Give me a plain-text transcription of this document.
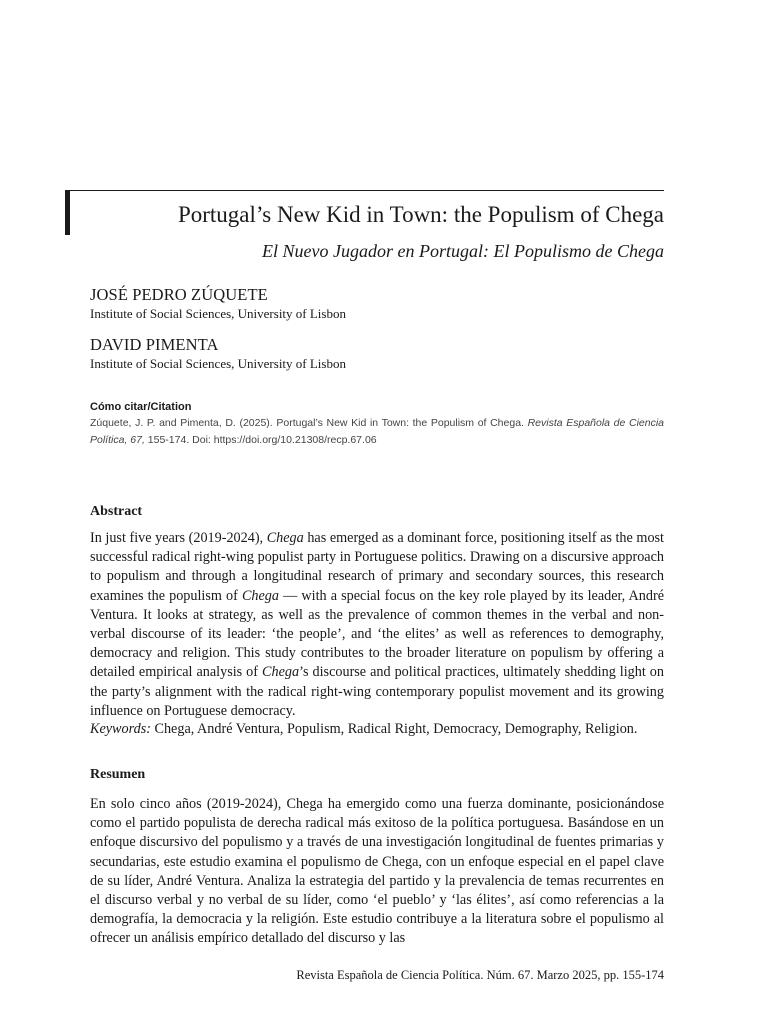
Portugal’s New Kid in Town: the Populism of Chega
El Nuevo Jugador en Portugal: El Populismo de Chega
JOSÉ PEDRO ZÚQUETE
Institute of Social Sciences, University of Lisbon
DAVID PIMENTA
Institute of Social Sciences, University of Lisbon
Cómo citar/Citation
Zúquete, J. P. and Pimenta, D. (2025). Portugal’s New Kid in Town: the Populism of Chega. Revista Española de Ciencia Política, 67, 155-174. Doi: https://doi.org/10.21308/recp.67.06
Abstract

In just five years (2019-2024), Chega has emerged as a dominant force, positioning itself as the most successful radical right-wing populist party in Portuguese politics. Drawing on a discursive approach to populism and through a longitudinal research of primary and secondary sources, this research examines the populism of Chega — with a special focus on the key role played by its leader, André Ventura. It looks at strategy, as well as the prevalence of common themes in the verbal and non-verbal discourse of its leader: ‘the people’, and ‘the elites’ as well as references to demography, democracy and religion. This study contributes to the broader literature on populism by offering a detailed empirical analysis of Chega’s discourse and political practices, ultimately shedding light on the party’s alignment with the radical right-wing contemporary populist movement and its growing influence on Portuguese democracy.

Keywords: Chega, André Ventura, Populism, Radical Right, Democracy, Demography, Religion.

Resumen

En solo cinco años (2019-2024), Chega ha emergido como una fuerza dominante, posicionándose como el partido populista de derecha radical más exitoso de la política portuguesa. Basándose en un enfoque discursivo del populismo y a través de una investigación longitudinal de fuentes primarias y secundarias, este estudio examina el populismo de Chega, con un enfoque especial en el papel clave de su líder, André Ventura. Analiza la estrategia del partido y la prevalencia de temas recurrentes en el discurso verbal y no verbal de su líder, como ‘el pueblo’ y ‘las élites’, así como referencias a la demografía, la democracia y la religión. Este estudio contribuye a la literatura sobre el populismo al ofrecer un análisis empírico detallado del discurso y las

Revista Española de Ciencia Política. Núm. 67. Marzo 2025, pp. 155-174
